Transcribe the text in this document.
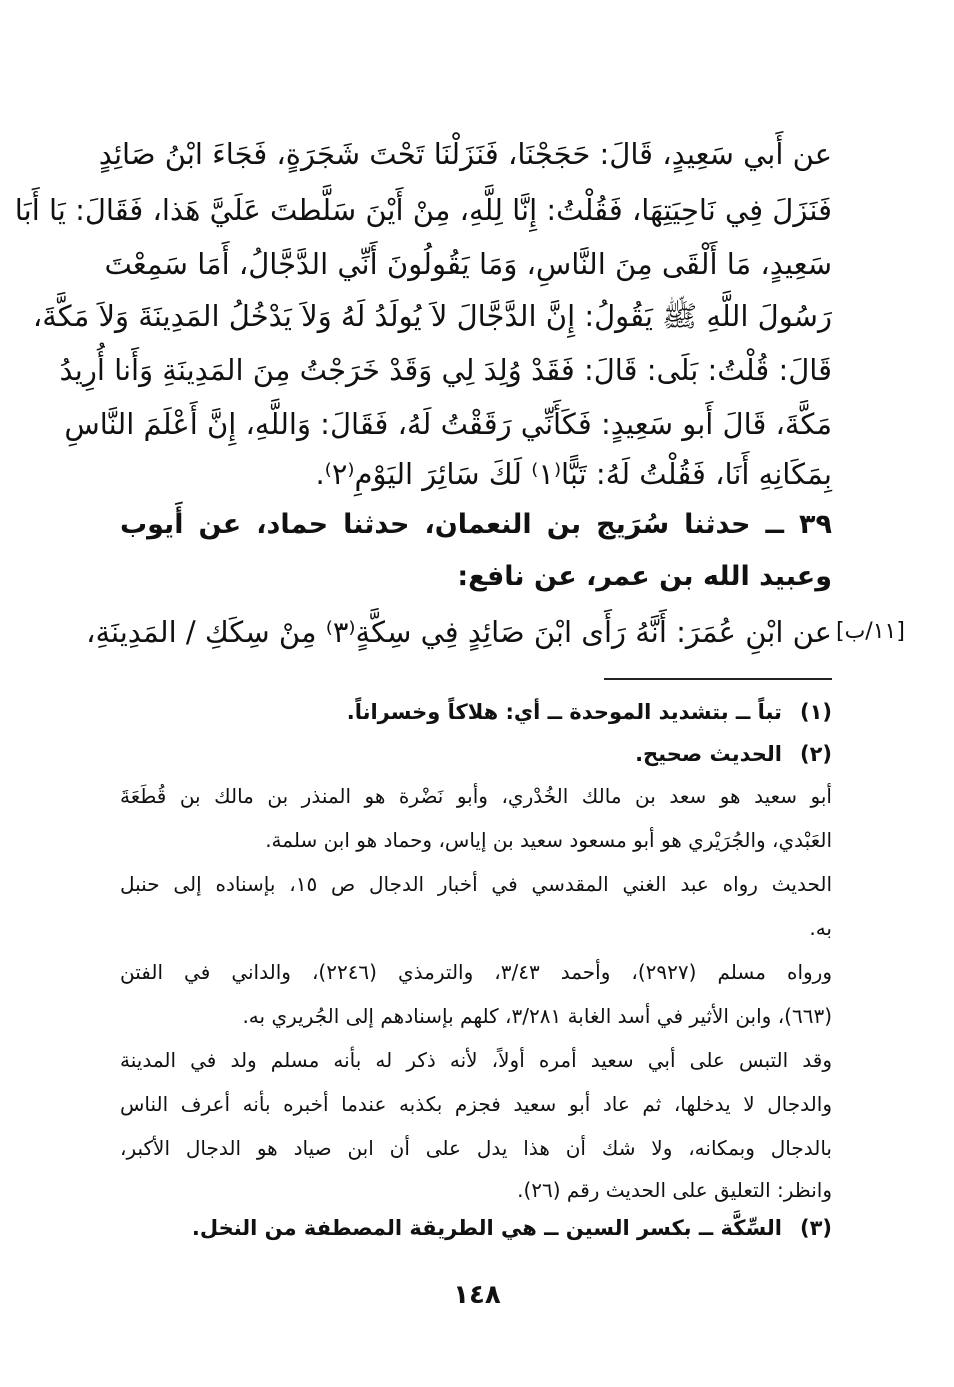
عن أَبي سَعِيدٍ، قَالَ: حَجَجْنَا، فَنَزَلْنَا تَحْتَ شَجَرَةٍ، فَجَاءَ ابْنُ صَائِدٍ
فَنَزَلَ فِي نَاحِيَتِهَا، فَقُلْتُ: إِنَّا لِلَّهِ، مِنْ أَيْنَ سَلَّطتَ عَلَيَّ هَذا، فَقَالَ: يَا أَبَا
سَعِيدٍ، مَا أَلْقَى مِنَ النَّاسِ، وَمَا يَقُولُونَ أَنِّي الدَّجَّالُ، أَمَا سَمِعْتَ
رَسُولَ اللَّهِ ﷺ يَقُولُ: إِنَّ الدَّجَّالَ لاَ يُولَدُ لَهُ وَلاَ يَدْخُلُ المَدِينَةَ وَلاَ مَكَّةَ،
قَالَ: قُلْتُ: بَلَى: قَالَ: فَقَدْ وُلِدَ لِي وَقَدْ خَرَجْتُ مِنَ المَدِينَةِ وَأَنا أُرِيدُ
مَكَّةَ، قَالَ أَبو سَعِيدٍ: فَكَأَنِّي رَقَقْتُ لَهُ، فَقَالَ: وَاللَّهِ، إِنَّ أَعْلَمَ النَّاسِ
بِمَكَانِهِ أَنَا، فَقُلْتُ لَهُ: تَبًّا⁽١⁾ لَكَ سَائِرَ اليَوْمِ⁽٢⁾.
٣٩ ــ حدثنا سُرَيج بن النعمان، حدثنا حماد، عن أَيوب
وعبيد الله بن عمر، عن نافع:
عن ابْنِ عُمَرَ: أَنَّهُ رَأَى ابْنَ صَائِدٍ فِي سِكَّةٍ⁽٣⁾ مِنْ سِكَكِ / المَدِينَةِ، [١١/ب]
(١)تباً ــ بتشديد الموحدة ــ أي: هلاكاً وخسراناً.
(٢)الحديث صحيح.
أبو سعيد هو سعد بن مالك الخُدْري، وأبو نَضْرة هو المنذر بن مالك بن قُطَعَةَ
العَبْدي، والجُرَيْري هو أبو مسعود سعيد بن إياس، وحماد هو ابن سلمة.
الحديث رواه عبد الغني المقدسي في أخبار الدجال ص ١٥، بإسناده إلى حنبل
به.
ورواه مسلم (٢٩٢٧)، وأحمد ٣/٤٣، والترمذي (٢٢٤٦)، والداني في الفتن
(٦٦٣)، وابن الأثير في أسد الغابة ٣/٢٨١، كلهم بإسنادهم إلى الجُريري به.
وقد التبس على أبي سعيد أمره أولاً، لأنه ذكر له بأنه مسلم ولد في المدينة
والدجال لا يدخلها، ثم عاد أبو سعيد فجزم بكذبه عندما أخبره بأنه أعرف الناس
بالدجال وبمكانه، ولا شك أن هذا يدل على أن ابن صياد هو الدجال الأكبر،
وانظر: التعليق على الحديث رقم (٢٦).
(٣)السِّكَّة ــ بكسر السين ــ هي الطريقة المصطفة من النخل.
١٤٨
